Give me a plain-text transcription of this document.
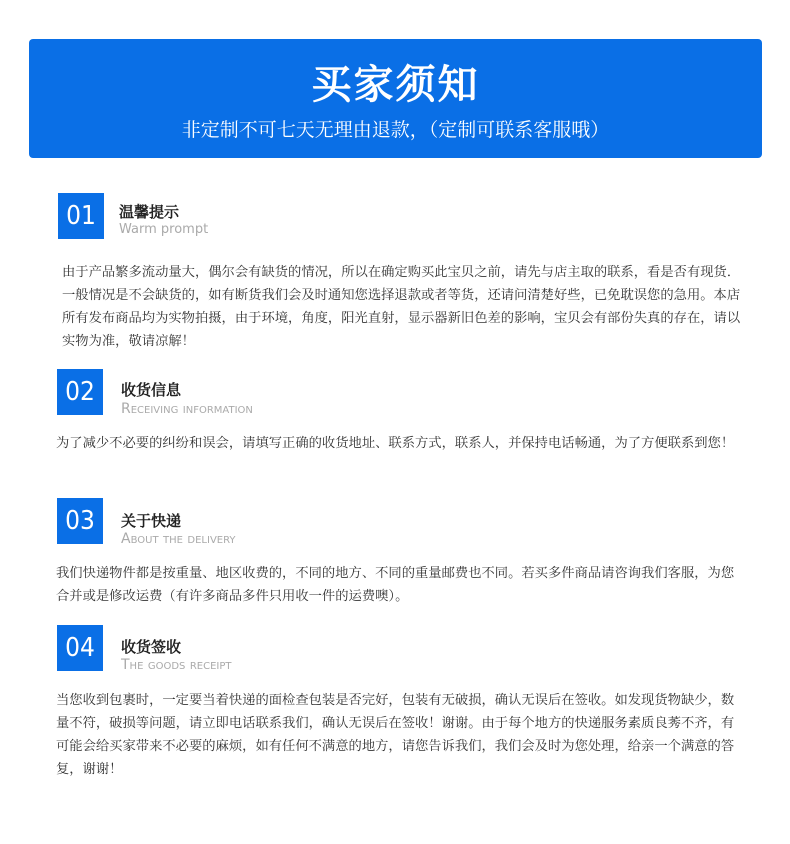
买家须知
非定制不可七天无理由退款，（定制可联系客服哦）
01	温馨提示
Warm prompt
由于产品繁多流动量大，偶尔会有缺货的情况，所以在确定购买此宝贝之前，请先与店主取的联系，看是否有现货．一般情况是不会缺货的，如有断货我们会及时通知您选择退款或者等货，还请问清楚好些，已免耽误您的急用。本店所有发布商品均为实物拍摄，由于环境，角度，阳光直射，显示器新旧色差的影响，宝贝会有部份失真的存在，请以实物为准，敬请凉解！
02	收货信息
Receiving information
为了减少不必要的纠纷和误会，请填写正确的收货地址、联系方式，联系人，并保持电话畅通，为了方便联系到您！
03	关于快递
About the delivery
我们快递物件都是按重量、地区收费的，不同的地方、不同的重量邮费也不同。若买多件商品请咨询我们客服，为您合并或是修改运费（有许多商品多件只用收一件的运费噢）。
04	收货签收
The goods receipt
当您收到包裹时，一定要当着快递的面检查包装是否完好，包装有无破损，确认无误后在签收。如发现货物缺少，数量不符，破损等问题，请立即电话联系我们，确认无误后在签收！谢谢。由于每个地方的快递服务素质良莠不齐，有可能会给买家带来不必要的麻烦，如有任何不满意的地方，请您告诉我们，我们会及时为您处理，给亲一个满意的答复，谢谢！
